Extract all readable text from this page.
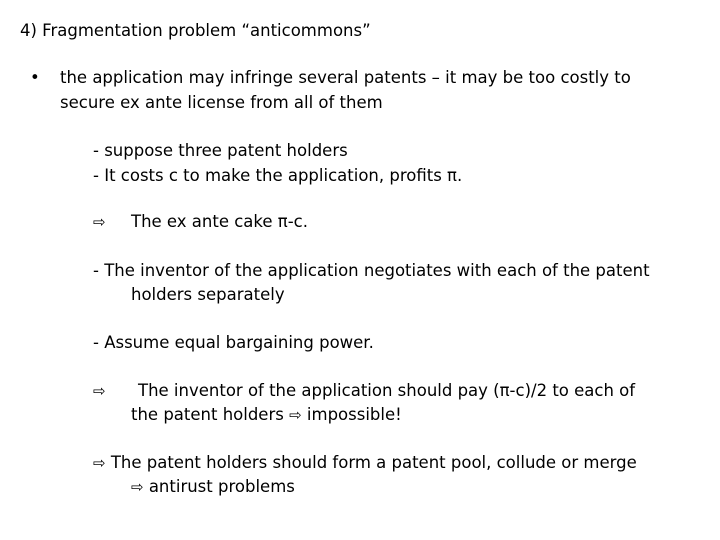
4) Fragmentation problem “anticommons”
• the application may infringe several patents – it may be too costly to
secure ex ante license from all of them
- suppose three patent holders
- It costs c to make the application, profits π.
⇨ The ex ante cake π-c.
- The inventor of the application negotiates with each of the patent
holders separately
- Assume equal bargaining power.
⇨ The inventor of the application should pay (π-c)/2 to each of
the patent holders ⇨ impossible!
⇨ The patent holders should form a patent pool, collude or merge
⇨ antirust problems
